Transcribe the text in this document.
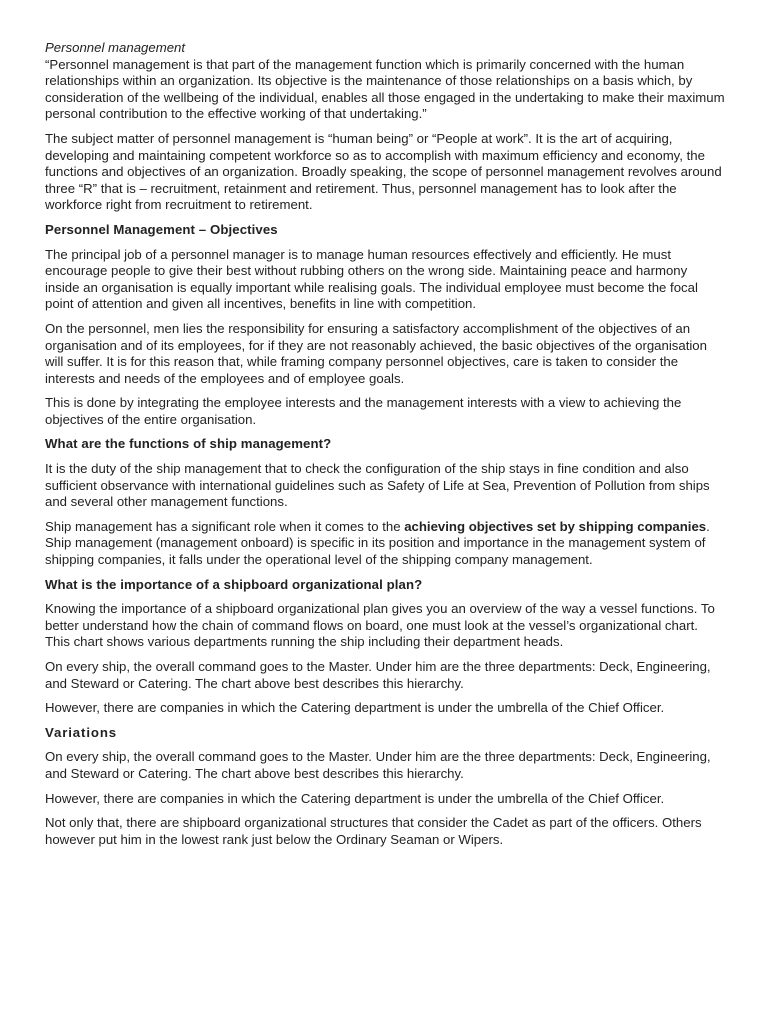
Personnel management

“Personnel management is that part of the management function which is primarily concerned with the human relationships within an organization. Its objective is the maintenance of those relationships on a basis which, by consideration of the wellbeing of the individual, enables all those engaged in the undertaking to make their maximum personal contribution to the effective working of that undertaking.”

The subject matter of personnel management is “human being” or “People at work”. It is the art of acquiring, developing and maintaining competent workforce so as to accomplish with maximum efficiency and economy, the functions and objectives of an organization. Broadly speaking, the scope of personnel management revolves around three “R” that is – recruitment, retainment and retirement. Thus, personnel management has to look after the workforce right from recruitment to retirement.

Personnel Management – Objectives

The principal job of a personnel manager is to manage human resources effectively and efficiently. He must encourage people to give their best without rubbing others on the wrong side. Maintaining peace and harmony inside an organisation is equally important while realising goals. The individual employee must become the focal point of attention and given all incentives, benefits in line with competition.

On the personnel, men lies the responsibility for ensuring a satisfactory accomplishment of the objectives of an organisation and of its employees, for if they are not reasonably achieved, the basic objectives of the organisation will suffer. It is for this reason that, while framing company personnel objectives, care is taken to consider the interests and needs of the employees and of employee goals.

This is done by integrating the employee interests and the management interests with a view to achieving the objectives of the entire organisation.

What are the functions of ship management?

It is the duty of the ship management that to check the configuration of the ship stays in fine condition and also sufficient observance with international guidelines such as Safety of Life at Sea, Prevention of Pollution from ships and several other management functions.

Ship management has a significant role when it comes to the achieving objectives set by shipping companies. Ship management (management onboard) is specific in its position and importance in the management system of shipping companies, it falls under the operational level of the shipping company management.

What is the importance of a shipboard organizational plan?

Knowing the importance of a shipboard organizational plan gives you an overview of the way a vessel functions. To better understand how the chain of command flows on board, one must look at the vessel’s organizational chart. This chart shows various departments running the ship including their department heads.

On every ship, the overall command goes to the Master. Under him are the three departments: Deck, Engineering, and Steward or Catering. The chart above best describes this hierarchy.

However, there are companies in which the Catering department is under the umbrella of the Chief Officer.

Variations

On every ship, the overall command goes to the Master. Under him are the three departments: Deck, Engineering, and Steward or Catering. The chart above best describes this hierarchy.

However, there are companies in which the Catering department is under the umbrella of the Chief Officer.

Not only that, there are shipboard organizational structures that consider the Cadet as part of the officers. Others however put him in the lowest rank just below the Ordinary Seaman or Wipers.
